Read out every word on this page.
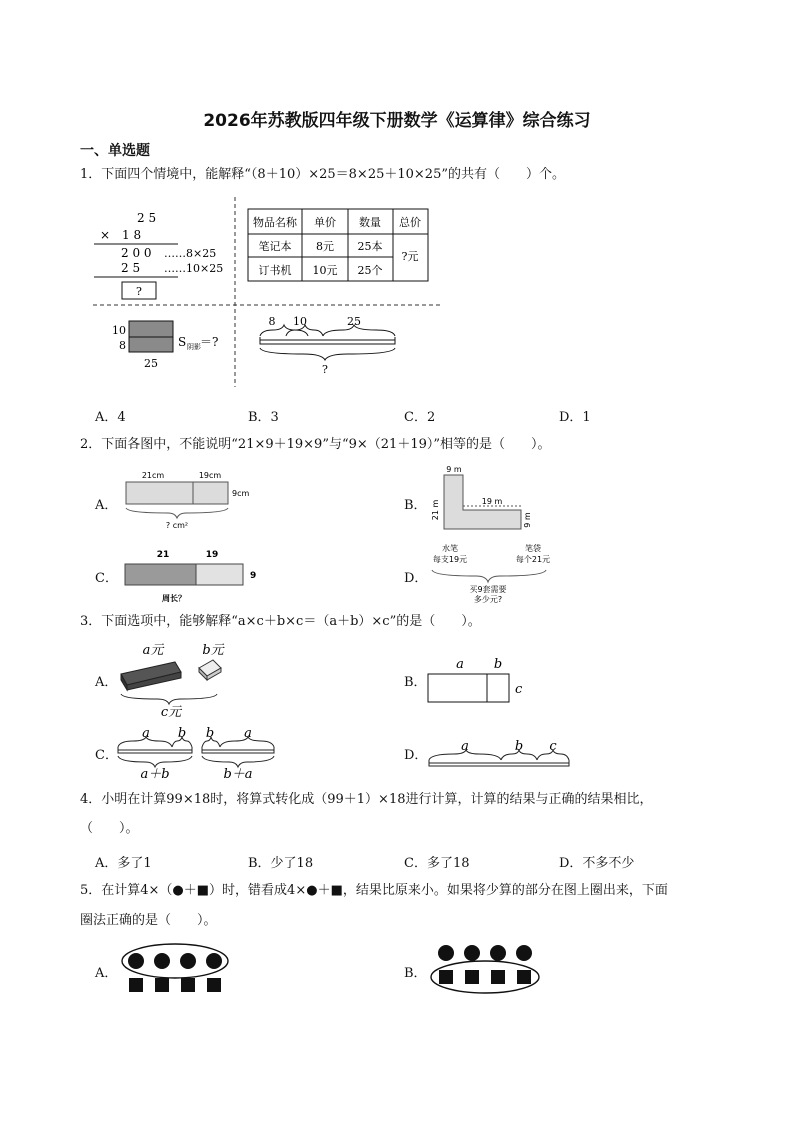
2026年苏教版四年级下册数学《运算律》综合练习
一、单选题
1．下面四个情境中，能解释“（8＋10）×25＝8×25＋10×25”的共有（　　）个。
2 5
×　1 8
2 0 0 ……8×25
2 5 ……10×25
?
物品名称 单价 数量 总价
笔记本 8元 25本
订书机 10元 25个
?元
10
8
25
S 阴影 ＝?
8 10	25
?
A．4	B．3	C．2	D．1
2．下面各图中，不能说明“21×9＋19×9”与“9×（21＋19）”相等的是（　　）。
A．
21cm	19cm
9cm
? cm²
B．
9 m
21 m	19 m
9 m
C．
21	19
9
周长？
D．
水笔
每支19元
笔袋
每个21元
买9套需要
多少元?
3．下面选项中，能够解释“a×c＋b×c＝（a＋b）×c”的是（　　）。
A．
a元	b元
c元
B．
a b
c
C．
a b
a＋b
b a
b＋a
D．
a	b c
4．小明在计算99×18时，将算式转化成（99＋1）×18进行计算，计算的结果与正确的结果相比，
（　　）。
A．多了1	B．少了18	C．多了18	D．不多不少
5．在计算4×（●＋■）时，错看成4×●＋■，结果比原来小。如果将少算的部分在图上圈出来，下面
圈法正确的是（　　）。
A．	B．
